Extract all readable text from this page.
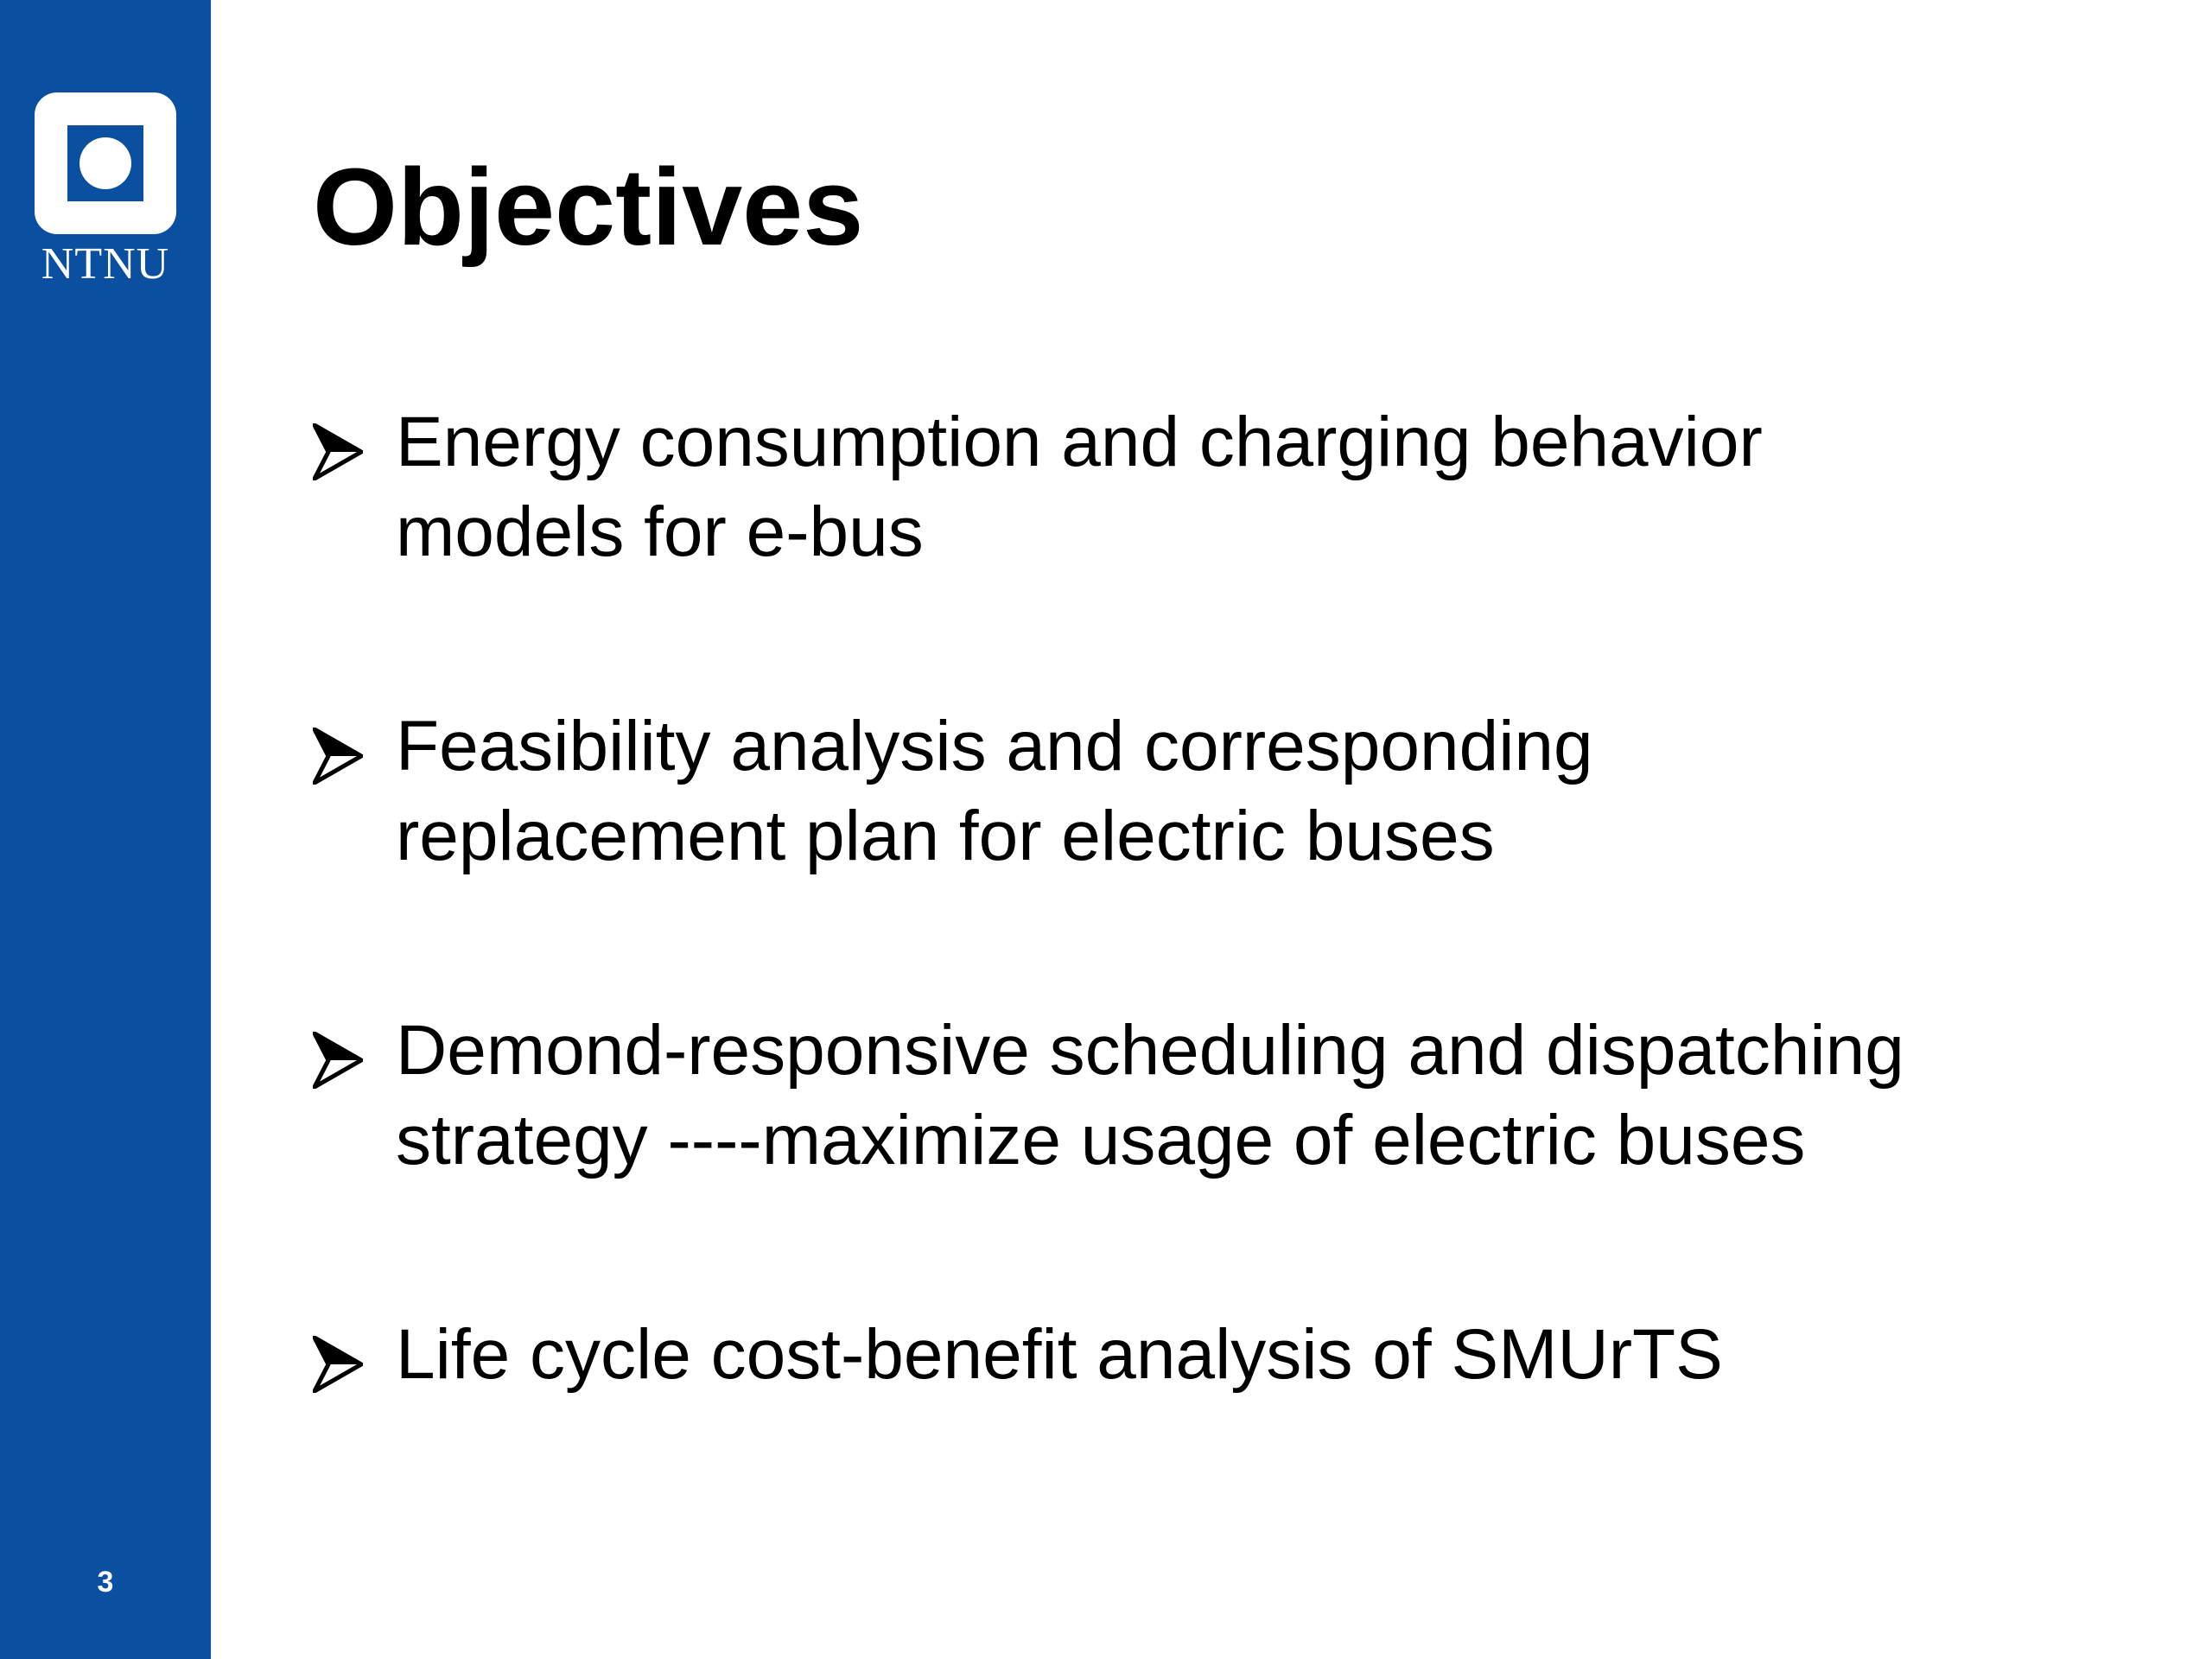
NTNU
3
Objectives
Energy consumption and charging behavior
models for e-bus
Feasibility analysis and corresponding
replacement plan for electric buses
Demond-responsive scheduling and dispatching
strategy ----maximize usage of electric buses
Life cycle cost-benefit analysis of SMUrTS
